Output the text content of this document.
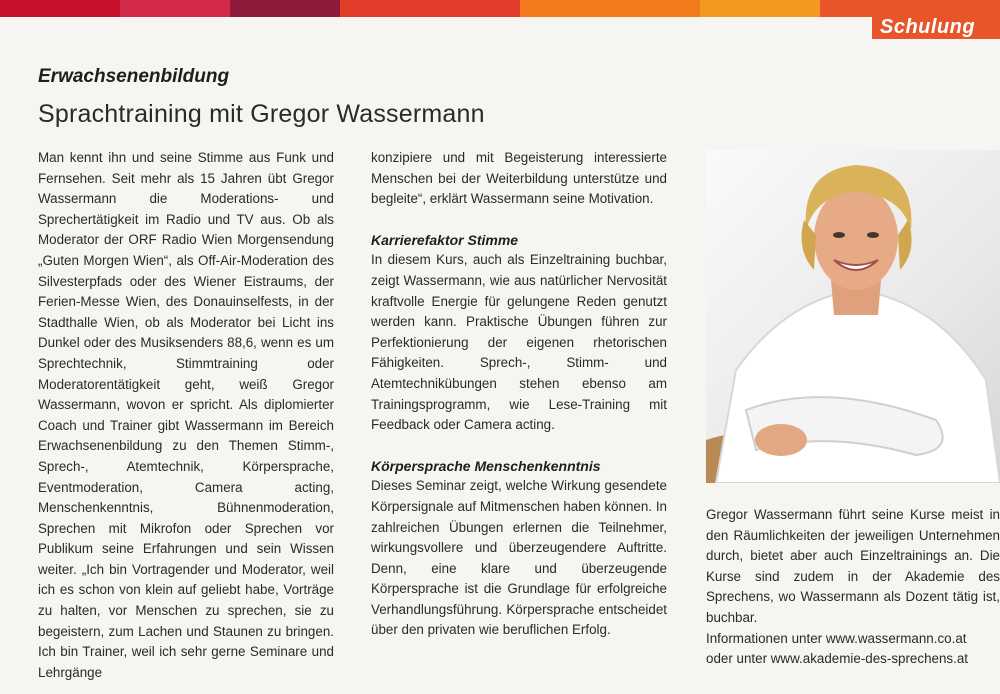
Schulung
Erwachsenenbildung
Sprachtraining mit Gregor Wassermann

Man kennt ihn und seine Stimme aus Funk und Fernsehen. Seit mehr als 15 Jahren übt Gregor Wassermann die Moderations- und Sprechertätigkeit im Radio und TV aus. Ob als Moderator der ORF Radio Wien Morgensendung „Guten Morgen Wien“, als Off-Air-Moderation des Silvesterpfads oder des Wiener Eistraums, der Ferien-Messe Wien, des Donauinselfests, in der Stadthalle Wien, ob als Moderator bei Licht ins Dunkel oder des Musiksenders 88,6, wenn es um Sprechtechnik, Stimmtraining oder Moderatorentätigkeit geht, weiß Gregor Wassermann, wovon er spricht. Als diplomierter Coach und Trainer gibt Wassermann im Bereich Erwachsenenbildung zu den Themen Stimm-, Sprech-, Atemtechnik, Körpersprache, Eventmoderation, Camera acting, Menschenkenntnis, Bühnenmoderation, Sprechen mit Mikrofon oder Sprechen vor Publikum seine Erfahrungen und sein Wissen weiter. „Ich bin Vortragender und Moderator, weil ich es schon von klein auf geliebt habe, Vorträge zu halten, vor Menschen zu sprechen, sie zu begeistern, zum Lachen und Staunen zu bringen. Ich bin Trainer, weil ich sehr gerne Seminare und Lehrgänge

konzipiere und mit Begeisterung interessierte Menschen bei der Weiterbildung unterstütze und begleite“, erklärt Wassermann seine Motivation.

Karrierefaktor Stimme

In diesem Kurs, auch als Einzeltraining buchbar, zeigt Wassermann, wie aus natürlicher Nervosität kraftvolle Energie für gelungene Reden genutzt werden kann. Praktische Übungen führen zur Perfektionierung der eigenen rhetorischen Fähigkeiten. Sprech-, Stimm- und Atemtechnikübungen stehen ebenso am Trainingsprogramm, wie Lese-Training mit Feedback oder Camera acting.

Körpersprache Menschenkenntnis

Dieses Seminar zeigt, welche Wirkung gesendete Körpersignale auf Mitmenschen haben können. In zahlreichen Übungen erlernen die Teilnehmer, wirkungsvollere und überzeugendere Auftritte. Denn, eine klare und überzeugende Körpersprache ist die Grundlage für erfolgreiche Verhandlungsführung. Körpersprache entscheidet über den privaten wie beruflichen Erfolg.

Gregor Wassermann führt seine Kurse meist in den Räumlichkeiten der jeweiligen Unternehmen durch, bietet aber auch Einzeltrainings an. Die Kurse sind zudem in der Akademie des Sprechens, wo Wassermann als Dozent tätig ist, buchbar.

Informationen unter www.wassermann.co.at
oder unter www.akademie-des-sprechens.at
